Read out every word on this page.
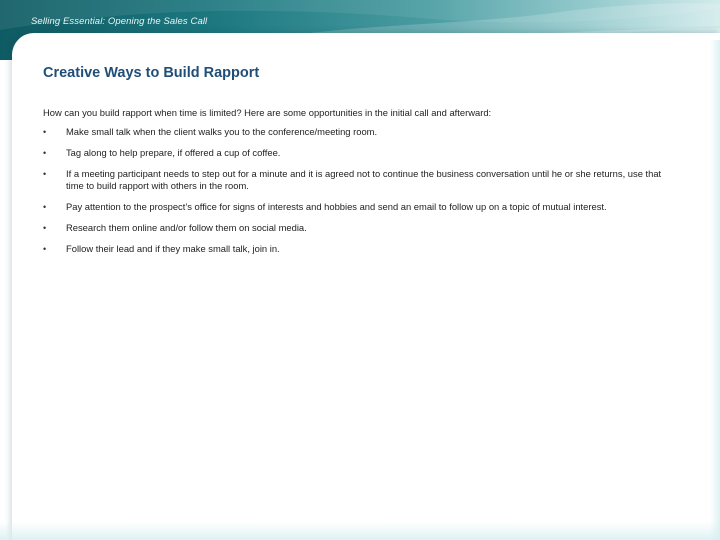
Selling Essential: Opening the Sales Call
Creative Ways to Build Rapport
How can you build rapport when time is limited? Here are some opportunities in the initial call and afterward:
• Make small talk when the client walks you to the conference/meeting room.
• Tag along to help prepare, if offered a cup of coffee.
• If a meeting participant needs to step out for a minute and it is agreed not to continue the business conversation until he or she returns, use that time to build rapport with others in the room.
• Pay attention to the prospect’s office for signs of interests and hobbies and send an email to follow up on a topic of mutual interest.
• Research them online and/or follow them on social media.
• Follow their lead and if they make small talk, join in.
